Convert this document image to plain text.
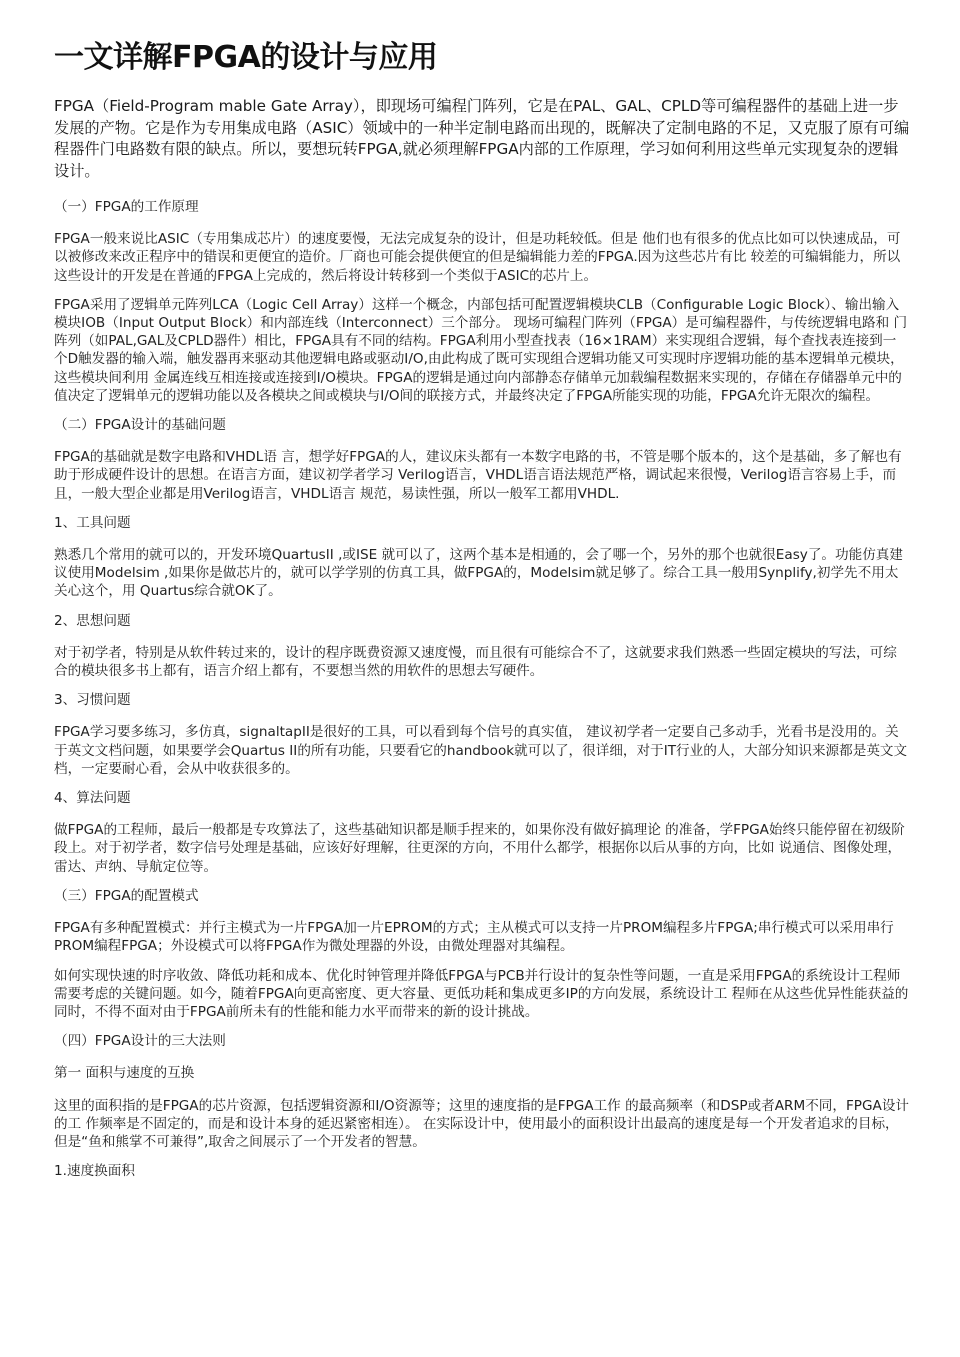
一文详解FPGA的设计与应用

FPGA（Field-Program mable Gate Array），即现场可编程门阵列，它是在PAL、GAL、CPLD等可编程器件的基础上进一步发展的产物。它是作为专用集成电路（ASIC）领域中的一种半定制电路而出现的，既解决了定制电路的不足，又克服了原有可编程器件门电路数有限的缺点。所以，要想玩转FPGA,就必须理解FPGA内部的工作原理，学习如何利用这些单元实现复杂的逻辑设计。

（一）FPGA的工作原理

FPGA一般来说比ASIC（专用集成芯片）的速度要慢，无法完成复杂的设计，但是功耗较低。但是 他们也有很多的优点比如可以快速成品，可以被修改来改正程序中的错误和更便宜的造价。厂商也可能会提供便宜的但是编辑能力差的FPGA.因为这些芯片有比 较差的可编辑能力，所以这些设计的开发是在普通的FPGA上完成的，然后将设计转移到一个类似于ASIC的芯片上。

FPGA采用了逻辑单元阵列LCA（Logic Cell Array）这样一个概念，内部包括可配置逻辑模块CLB（Configurable Logic Block）、输出输入模块IOB（Input Output Block）和内部连线（Interconnect）三个部分。 现场可编程门阵列（FPGA）是可编程器件，与传统逻辑电路和 门阵列（如PAL,GAL及CPLD器件）相比，FPGA具有不同的结构。FPGA利用小型查找表（16×1RAM）来实现组合逻辑，每个查找表连接到一 个D触发器的输入端，触发器再来驱动其他逻辑电路或驱动I/O,由此构成了既可实现组合逻辑功能又可实现时序逻辑功能的基本逻辑单元模块，这些模块间利用 金属连线互相连接或连接到I/O模块。FPGA的逻辑是通过向内部静态存储单元加载编程数据来实现的，存储在存储器单元中的值决定了逻辑单元的逻辑功能以及各模块之间或模块与I/O间的联接方式，并最终决定了FPGA所能实现的功能，FPGA允许无限次的编程。

（二）FPGA设计的基础问题

FPGA的基础就是数字电路和VHDL语 言，想学好FPGA的人，建议床头都有一本数字电路的书，不管是哪个版本的，这个是基础，多了解也有助于形成硬件设计的思想。在语言方面，建议初学者学习 Verilog语言，VHDL语言语法规范严格，调试起来很慢，Verilog语言容易上手，而且，一般大型企业都是用Verilog语言，VHDL语言 规范，易读性强，所以一般军工都用VHDL.

1、工具问题

熟悉几个常用的就可以的，开发环境QuartusII ,或ISE 就可以了，这两个基本是相通的，会了哪一个，另外的那个也就很Easy了。功能仿真建议使用Modelsim ,如果你是做芯片的，就可以学学别的仿真工具，做FPGA的，Modelsim就足够了。综合工具一般用Synplify,初学先不用太关心这个，用 Quartus综合就OK了。

2、思想问题

对于初学者，特别是从软件转过来的，设计的程序既费资源又速度慢，而且很有可能综合不了，这就要求我们熟悉一些固定模块的写法，可综合的模块很多书上都有，语言介绍上都有，不要想当然的用软件的思想去写硬件。

3、习惯问题

FPGA学习要多练习，多仿真，signaltapII是很好的工具，可以看到每个信号的真实值， 建议初学者一定要自己多动手，光看书是没用的。关于英文文档问题，如果要学会Quartus II的所有功能，只要看它的handbook就可以了，很详细，对于IT行业的人，大部分知识来源都是英文文档，一定要耐心看，会从中收获很多的。

4、算法问题

做FPGA的工程师，最后一般都是专攻算法了，这些基础知识都是顺手捏来的，如果你没有做好搞理论 的准备，学FPGA始终只能停留在初级阶段上。对于初学者，数字信号处理是基础，应该好好理解，往更深的方向，不用什么都学，根据你以后从事的方向，比如 说通信、图像处理，雷达、声纳、导航定位等。

（三）FPGA的配置模式

FPGA有多种配置模式：并行主模式为一片FPGA加一片EPROM的方式；主从模式可以支持一片PROM编程多片FPGA;串行模式可以采用串行PROM编程FPGA；外设模式可以将FPGA作为微处理器的外设，由微处理器对其编程。

如何实现快速的时序收敛、降低功耗和成本、优化时钟管理并降低FPGA与PCB并行设计的复杂性等问题，一直是采用FPGA的系统设计工程师需要考虑的关键问题。如今，随着FPGA向更高密度、更大容量、更低功耗和集成更多IP的方向发展，系统设计工 程师在从这些优异性能获益的同时，不得不面对由于FPGA前所未有的性能和能力水平而带来的新的设计挑战。

（四）FPGA设计的三大法则

第一 面积与速度的互换

这里的面积指的是FPGA的芯片资源，包括逻辑资源和I/O资源等；这里的速度指的是FPGA工作 的最高频率（和DSP或者ARM不同，FPGA设计的工 作频率是不固定的，而是和设计本身的延迟紧密相连）。 在实际设计中，使用最小的面积设计出最高的速度是每一个开发者追求的目标，但是“鱼和熊掌不可兼得”,取舍之间展示了一个开发者的智慧。

1.速度换面积
